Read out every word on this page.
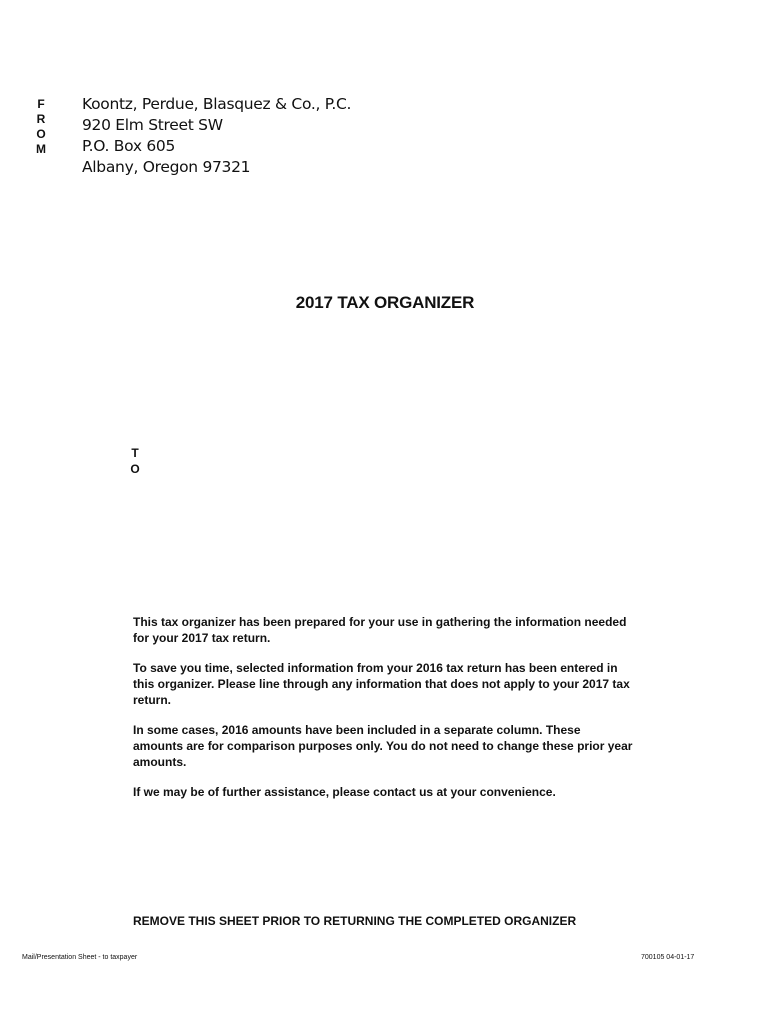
F
R
O
M
Koontz, Perdue, Blasquez & Co., P.C.
920 Elm Street SW
P.O. Box 605
Albany, Oregon 97321
2017 TAX ORGANIZER
T
O

This tax organizer has been prepared for your use in gathering the information needed for your 2017 tax return.

To save you time, selected information from your 2016 tax return has been entered in this organizer. Please line through any information that does not apply to your 2017 tax return.

In some cases, 2016 amounts have been included in a separate column. These amounts are for comparison purposes only. You do not need to change these prior year amounts.

If we may be of further assistance, please contact us at your convenience.

REMOVE THIS SHEET PRIOR TO RETURNING THE COMPLETED ORGANIZER
Mail/Presentation Sheet - to taxpayer	700105 04-01-17
